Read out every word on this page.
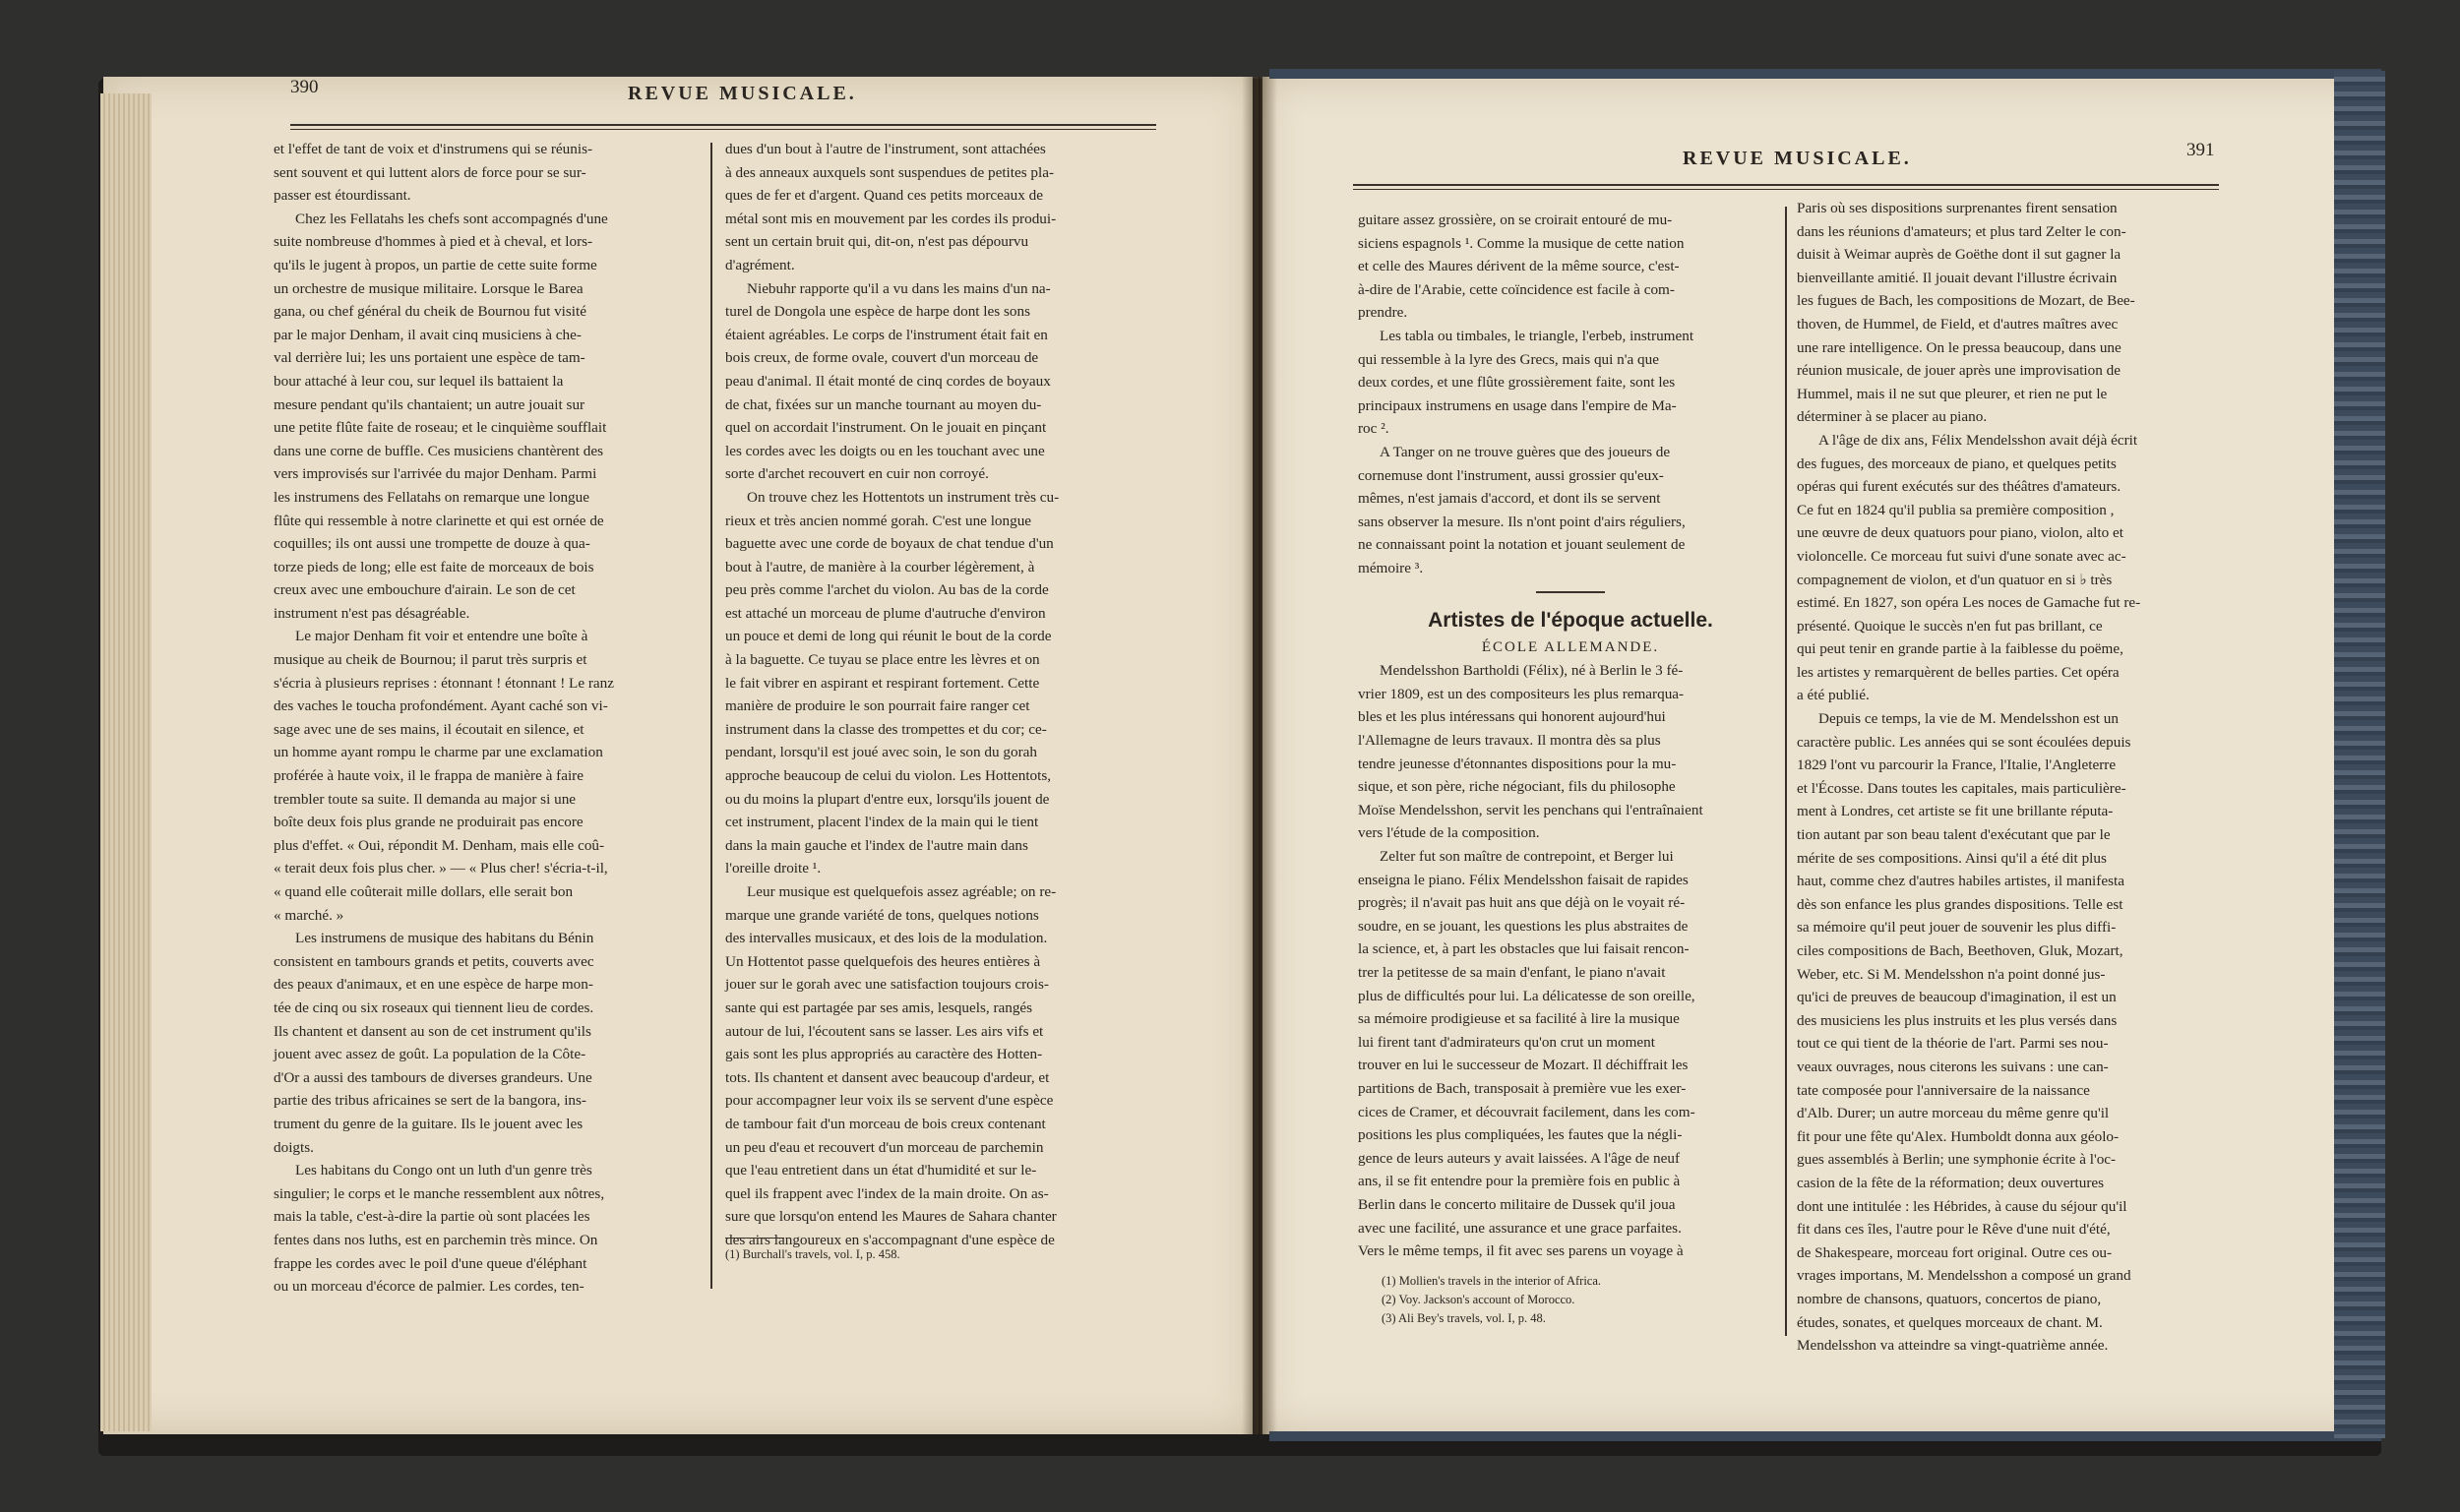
390	REVUE MUSICALE.
et l'effet de tant de voix et d'instrumens qui se réunis-
sent souvent et qui luttent alors de force pour se sur-
passer est étourdissant.
Chez les Fellatahs les chefs sont accompagnés d'une
suite nombreuse d'hommes à pied et à cheval, et lors-
qu'ils le jugent à propos, un partie de cette suite forme
un orchestre de musique militaire. Lorsque le Barea
gana, ou chef général du cheik de Bournou fut visité
par le major Denham, il avait cinq musiciens à che-
val derrière lui; les uns portaient une espèce de tam-
bour attaché à leur cou, sur lequel ils battaient la
mesure pendant qu'ils chantaient; un autre jouait sur
une petite flûte faite de roseau; et le cinquième soufflait
dans une corne de buffle. Ces musiciens chantèrent des
vers improvisés sur l'arrivée du major Denham. Parmi
les instrumens des Fellatahs on remarque une longue
flûte qui ressemble à notre clarinette et qui est ornée de
coquilles; ils ont aussi une trompette de douze à qua-
torze pieds de long; elle est faite de morceaux de bois
creux avec une embouchure d'airain. Le son de cet
instrument n'est pas désagréable.
Le major Denham fit voir et entendre une boîte à
musique au cheik de Bournou; il parut très surpris et
s'écria à plusieurs reprises : étonnant ! étonnant ! Le ranz
des vaches le toucha profondément. Ayant caché son vi-
sage avec une de ses mains, il écoutait en silence, et
un homme ayant rompu le charme par une exclamation
proférée à haute voix, il le frappa de manière à faire
trembler toute sa suite. Il demanda au major si une
boîte deux fois plus grande ne produirait pas encore
plus d'effet. « Oui, répondit M. Denham, mais elle coû-
« terait deux fois plus cher. » — « Plus cher! s'écria-t-il,
« quand elle coûterait mille dollars, elle serait bon
« marché. »
Les instrumens de musique des habitans du Bénin
consistent en tambours grands et petits, couverts avec
des peaux d'animaux, et en une espèce de harpe mon-
tée de cinq ou six roseaux qui tiennent lieu de cordes.
Ils chantent et dansent au son de cet instrument qu'ils
jouent avec assez de goût. La population de la Côte-
d'Or a aussi des tambours de diverses grandeurs. Une
partie des tribus africaines se sert de la bangora, ins-
trument du genre de la guitare. Ils le jouent avec les
doigts.
Les habitans du Congo ont un luth d'un genre très
singulier; le corps et le manche ressemblent aux nôtres,
mais la table, c'est-à-dire la partie où sont placées les
fentes dans nos luths, est en parchemin très mince. On
frappe les cordes avec le poil d'une queue d'éléphant
ou un morceau d'écorce de palmier. Les cordes, ten-
dues d'un bout à l'autre de l'instrument, sont attachées
à des anneaux auxquels sont suspendues de petites pla-
ques de fer et d'argent. Quand ces petits morceaux de
métal sont mis en mouvement par les cordes ils produi-
sent un certain bruit qui, dit-on, n'est pas dépourvu
d'agrément.
Niebuhr rapporte qu'il a vu dans les mains d'un na-
turel de Dongola une espèce de harpe dont les sons
étaient agréables. Le corps de l'instrument était fait en
bois creux, de forme ovale, couvert d'un morceau de
peau d'animal. Il était monté de cinq cordes de boyaux
de chat, fixées sur un manche tournant au moyen du-
quel on accordait l'instrument. On le jouait en pinçant
les cordes avec les doigts ou en les touchant avec une
sorte d'archet recouvert en cuir non corroyé.
On trouve chez les Hottentots un instrument très cu-
rieux et très ancien nommé gorah. C'est une longue
baguette avec une corde de boyaux de chat tendue d'un
bout à l'autre, de manière à la courber légèrement, à
peu près comme l'archet du violon. Au bas de la corde
est attaché un morceau de plume d'autruche d'environ
un pouce et demi de long qui réunit le bout de la corde
à la baguette. Ce tuyau se place entre les lèvres et on
le fait vibrer en aspirant et respirant fortement. Cette
manière de produire le son pourrait faire ranger cet
instrument dans la classe des trompettes et du cor; ce-
pendant, lorsqu'il est joué avec soin, le son du gorah
approche beaucoup de celui du violon. Les Hottentots,
ou du moins la plupart d'entre eux, lorsqu'ils jouent de
cet instrument, placent l'index de la main qui le tient
dans la main gauche et l'index de l'autre main dans
l'oreille droite ¹.
Leur musique est quelquefois assez agréable; on re-
marque une grande variété de tons, quelques notions
des intervalles musicaux, et des lois de la modulation.
Un Hottentot passe quelquefois des heures entières à
jouer sur le gorah avec une satisfaction toujours crois-
sante qui est partagée par ses amis, lesquels, rangés
autour de lui, l'écoutent sans se lasser. Les airs vifs et
gais sont les plus appropriés au caractère des Hotten-
tots. Ils chantent et dansent avec beaucoup d'ardeur, et
pour accompagner leur voix ils se servent d'une espèce
de tambour fait d'un morceau de bois creux contenant
un peu d'eau et recouvert d'un morceau de parchemin
que l'eau entretient dans un état d'humidité et sur le-
quel ils frappent avec l'index de la main droite. On as-
sure que lorsqu'on entend les Maures de Sahara chanter
des airs langoureux en s'accompagnant d'une espèce de
(1) Burchall's travels, vol. I, p. 458.
REVUE MUSICALE.	391
guitare assez grossière, on se croirait entouré de mu-
siciens espagnols ¹. Comme la musique de cette nation
et celle des Maures dérivent de la même source, c'est-
à-dire de l'Arabie, cette coïncidence est facile à com-
prendre.
Les tabla ou timbales, le triangle, l'erbeb, instrument
qui ressemble à la lyre des Grecs, mais qui n'a que
deux cordes, et une flûte grossièrement faite, sont les
principaux instrumens en usage dans l'empire de Ma-
roc ².
A Tanger on ne trouve guères que des joueurs de
cornemuse dont l'instrument, aussi grossier qu'eux-
mêmes, n'est jamais d'accord, et dont ils se servent
sans observer la mesure. Ils n'ont point d'airs réguliers,
ne connaissant point la notation et jouant seulement de
mémoire ³.
Artistes de l'époque actuelle.
ÉCOLE ALLEMANDE.
Mendelsshon Bartholdi (Félix), né à Berlin le 3 fé-
vrier 1809, est un des compositeurs les plus remarqua-
bles et les plus intéressans qui honorent aujourd'hui
l'Allemagne de leurs travaux. Il montra dès sa plus
tendre jeunesse d'étonnantes dispositions pour la mu-
sique, et son père, riche négociant, fils du philosophe
Moïse Mendelsshon, servit les penchans qui l'entraînaient
vers l'étude de la composition.
Zelter fut son maître de contrepoint, et Berger lui
enseigna le piano. Félix Mendelsshon faisait de rapides
progrès; il n'avait pas huit ans que déjà on le voyait ré-
soudre, en se jouant, les questions les plus abstraites de
la science, et, à part les obstacles que lui faisait rencon-
trer la petitesse de sa main d'enfant, le piano n'avait
plus de difficultés pour lui. La délicatesse de son oreille,
sa mémoire prodigieuse et sa facilité à lire la musique
lui firent tant d'admirateurs qu'on crut un moment
trouver en lui le successeur de Mozart. Il déchiffrait les
partitions de Bach, transposait à première vue les exer-
cices de Cramer, et découvrait facilement, dans les com-
positions les plus compliquées, les fautes que la négli-
gence de leurs auteurs y avait laissées. A l'âge de neuf
ans, il se fit entendre pour la première fois en public à
Berlin dans le concerto militaire de Dussek qu'il joua
avec une facilité, une assurance et une grace parfaites.
Vers le même temps, il fit avec ses parens un voyage à
Paris où ses dispositions surprenantes firent sensation
dans les réunions d'amateurs; et plus tard Zelter le con-
duisit à Weimar auprès de Goëthe dont il sut gagner la
bienveillante amitié. Il jouait devant l'illustre écrivain
les fugues de Bach, les compositions de Mozart, de Bee-
thoven, de Hummel, de Field, et d'autres maîtres avec
une rare intelligence. On le pressa beaucoup, dans une
réunion musicale, de jouer après une improvisation de
Hummel, mais il ne sut que pleurer, et rien ne put le
déterminer à se placer au piano.
A l'âge de dix ans, Félix Mendelsshon avait déjà écrit
des fugues, des morceaux de piano, et quelques petits
opéras qui furent exécutés sur des théâtres d'amateurs.
Ce fut en 1824 qu'il publia sa première composition ,
une œuvre de deux quatuors pour piano, violon, alto et
violoncelle. Ce morceau fut suivi d'une sonate avec ac-
compagnement de violon, et d'un quatuor en si ♭ très
estimé. En 1827, son opéra Les noces de Gamache fut re-
présenté. Quoique le succès n'en fut pas brillant, ce
qui peut tenir en grande partie à la faiblesse du poëme,
les artistes y remarquèrent de belles parties. Cet opéra
a été publié.
Depuis ce temps, la vie de M. Mendelsshon est un
caractère public. Les années qui se sont écoulées depuis
1829 l'ont vu parcourir la France, l'Italie, l'Angleterre
et l'Écosse. Dans toutes les capitales, mais particulière-
ment à Londres, cet artiste se fit une brillante réputa-
tion autant par son beau talent d'exécutant que par le
mérite de ses compositions. Ainsi qu'il a été dit plus
haut, comme chez d'autres habiles artistes, il manifesta
dès son enfance les plus grandes dispositions. Telle est
sa mémoire qu'il peut jouer de souvenir les plus diffi-
ciles compositions de Bach, Beethoven, Gluk, Mozart,
Weber, etc. Si M. Mendelsshon n'a point donné jus-
qu'ici de preuves de beaucoup d'imagination, il est un
des musiciens les plus instruits et les plus versés dans
tout ce qui tient de la théorie de l'art. Parmi ses nou-
veaux ouvrages, nous citerons les suivans : une can-
tate composée pour l'anniversaire de la naissance
d'Alb. Durer; un autre morceau du même genre qu'il
fit pour une fête qu'Alex. Humboldt donna aux géolo-
gues assemblés à Berlin; une symphonie écrite à l'oc-
casion de la fête de la réformation; deux ouvertures
dont une intitulée : les Hébrides, à cause du séjour qu'il
fit dans ces îles, l'autre pour le Rêve d'une nuit d'été,
de Shakespeare, morceau fort original. Outre ces ou-
vrages importans, M. Mendelsshon a composé un grand
nombre de chansons, quatuors, concertos de piano,
études, sonates, et quelques morceaux de chant. M.
Mendelsshon va atteindre sa vingt-quatrième année.
(1) Mollien's travels in the interior of Africa.
(2) Voy. Jackson's account of Morocco.
(3) Ali Bey's travels, vol. I, p. 48.
